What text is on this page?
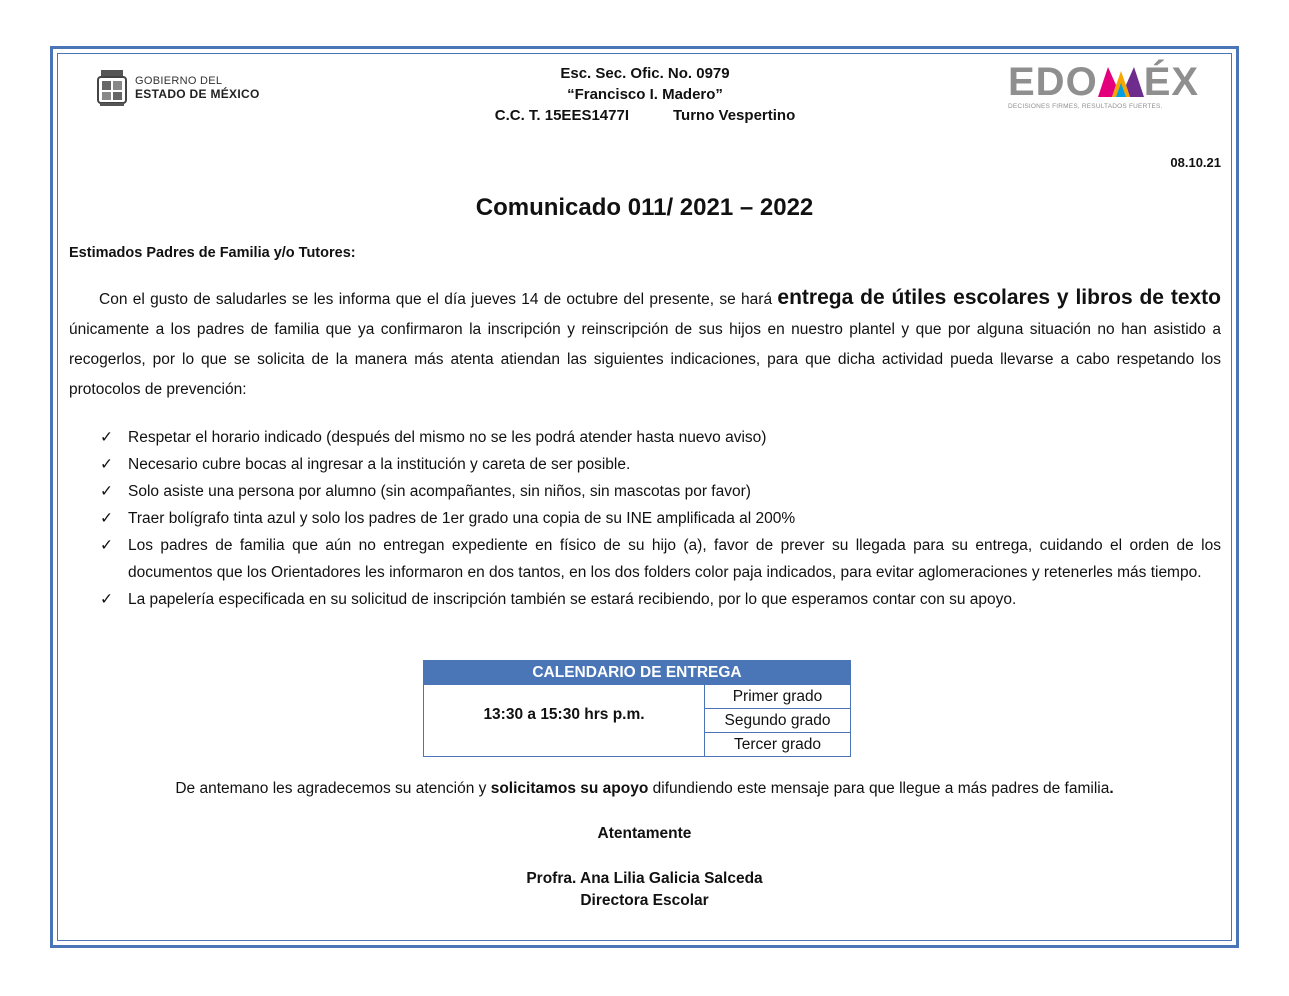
GOBIERNO DEL
ESTADO DE MÉXICO
Esc. Sec. Ofic. No. 0979
“Francisco I. Madero”
C.C. T. 15EES1477I	Turno Vespertino
EDO ÉX
DECISIONES FIRMES, RESULTADOS FUERTES.
08.10.21
Comunicado 011/ 2021 – 2022
Estimados Padres de Familia y/o Tutores:
Con el gusto de saludarles se les informa que el día jueves 14 de octubre del presente, se hará entrega de útiles escolares y libros de texto únicamente a los padres de familia que ya confirmaron la inscripción y reinscripción de sus hijos en nuestro plantel y que por alguna situación no han asistido a recogerlos, por lo que se solicita de la manera más atenta atiendan las siguientes indicaciones, para que dicha actividad pueda llevarse a cabo respetando los protocolos de prevención:
✓ Respetar el horario indicado (después del mismo no se les podrá atender hasta nuevo aviso)
✓ Necesario cubre bocas al ingresar a la institución y careta de ser posible.
✓ Solo asiste una persona por alumno (sin acompañantes, sin niños, sin mascotas por favor)
✓ Traer bolígrafo tinta azul y solo los padres de 1er grado una copia de su INE amplificada al 200%
✓ Los padres de familia que aún no entregan expediente en físico de su hijo (a), favor de prever su llegada para su entrega, cuidando el orden de los documentos que los Orientadores les informaron en dos tantos, en los dos folders color paja indicados, para evitar aglomeraciones y retenerles más tiempo.
✓ La papelería especificada en su solicitud de inscripción también se estará recibiendo, por lo que esperamos contar con su apoyo.
CALENDARIO DE ENTREGA
13:30 a 15:30 hrs p.m.	Primer grado
Segundo grado
Tercer grado
De antemano les agradecemos su atención y solicitamos su apoyo difundiendo este mensaje para que llegue a más padres de familia.
Atentamente
Profra. Ana Lilia Galicia Salceda
Directora Escolar
